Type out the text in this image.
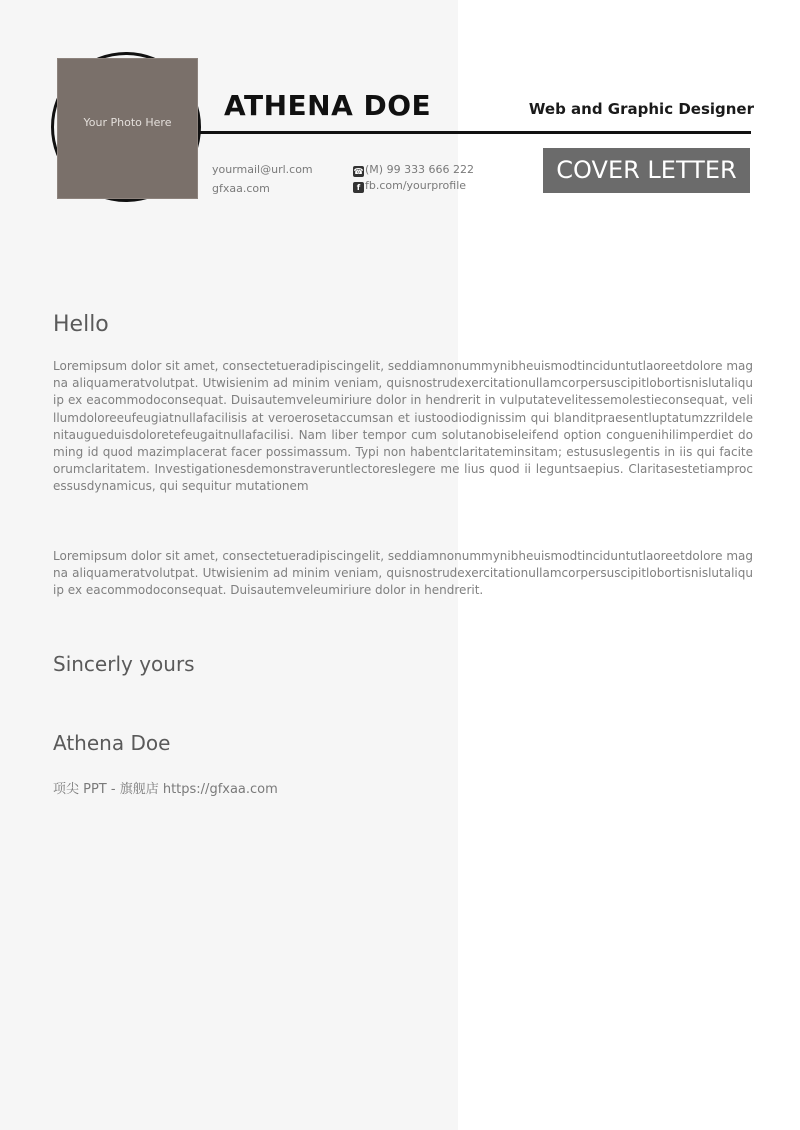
Your Photo Here
ATHENA DOE	Web and Graphic Designer
yourmail@url.com
gfxaa.com
☎ (M) 99 333 666 222
f fb.com/yourprofile
COVER LETTER
Hello

Loremipsum dolor sit amet, consectetueradipiscingelit, seddiamnonummynibheuismodtinciduntutlaoreetdolore magna aliquameratvolutpat. Utwisienim ad minim veniam, quisnostrudexercitationullamcorpersuscipitlobortisnislutaliquip ex eacommodoconsequat. Duisautemveleumiriure dolor in hendrerit in vulputatevelitessemolestieconsequat, velillumdoloreeufeugiatnullafacilisis at veroerosetaccumsan et iustoodiodignissim qui blanditpraesentluptatumzzrildelenitaugueduisdoloretefeugaitnullafacilisi. Nam liber tempor cum solutanobiseleifend option conguenihilimperdiet doming id quod mazimplacerat facer possimassum. Typi non habentclaritateminsitam; estususlegentis in iis qui faciteorumclaritatem. Investigationesdemonstraveruntlectoreslegere me lius quod ii leguntsaepius. Claritasestetiamprocessusdynamicus, qui sequitur mutationem

Loremipsum dolor sit amet, consectetueradipiscingelit, seddiamnonummynibheuismodtinciduntutlaoreetdolore magna aliquameratvolutpat. Utwisienim ad minim veniam, quisnostrudexercitationullamcorpersuscipitlobortisnislutaliquip ex eacommodoconsequat. Duisautemveleumiriure dolor in hendrerit.

Sincerly yours
Athena Doe
项尖 PPT - 旗舰店 https://gfxaa.com
